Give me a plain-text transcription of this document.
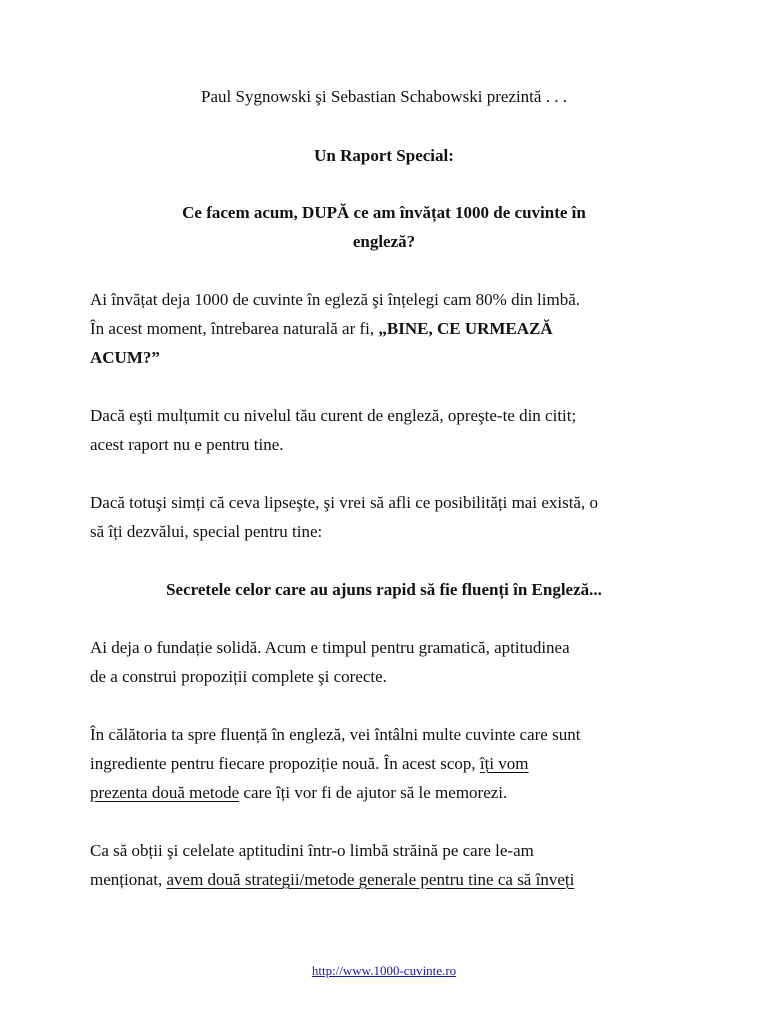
Paul Sygnowski şi Sebastian Schabowski prezintă . . .
Un Raport Special:
Ce facem acum, DUPĂ ce am învățat 1000 de cuvinte în
engleză?
Ai învățat deja 1000 de cuvinte în egleză şi înțelegi cam 80% din limbă.
În acest moment, întrebarea naturală ar fi, „BINE, CE URMEAZĂ
ACUM?”
Dacă eşti mulțumit cu nivelul tău curent de engleză, opreşte-te din citit;
acest raport nu e pentru tine.
Dacă totuşi simți că ceva lipseşte, şi vrei să afli ce posibilități mai există, o
să îți dezvălui, special pentru tine:
Secretele celor care au ajuns rapid să fie fluenți în Engleză...
Ai deja o fundație solidă. Acum e timpul pentru gramatică, aptitudinea
de a construi propoziții complete şi corecte.
În călătoria ta spre fluență în engleză, vei întâlni multe cuvinte care sunt
ingrediente pentru fiecare propoziție nouă. În acest scop, îți vom
prezenta două metode care îți vor fi de ajutor să le memorezi.
Ca să obții şi celelate aptitudini într-o limbă străină pe care le-am
menționat, avem două strategii/metode generale pentru tine ca să înveți
http://www.1000-cuvinte.ro
